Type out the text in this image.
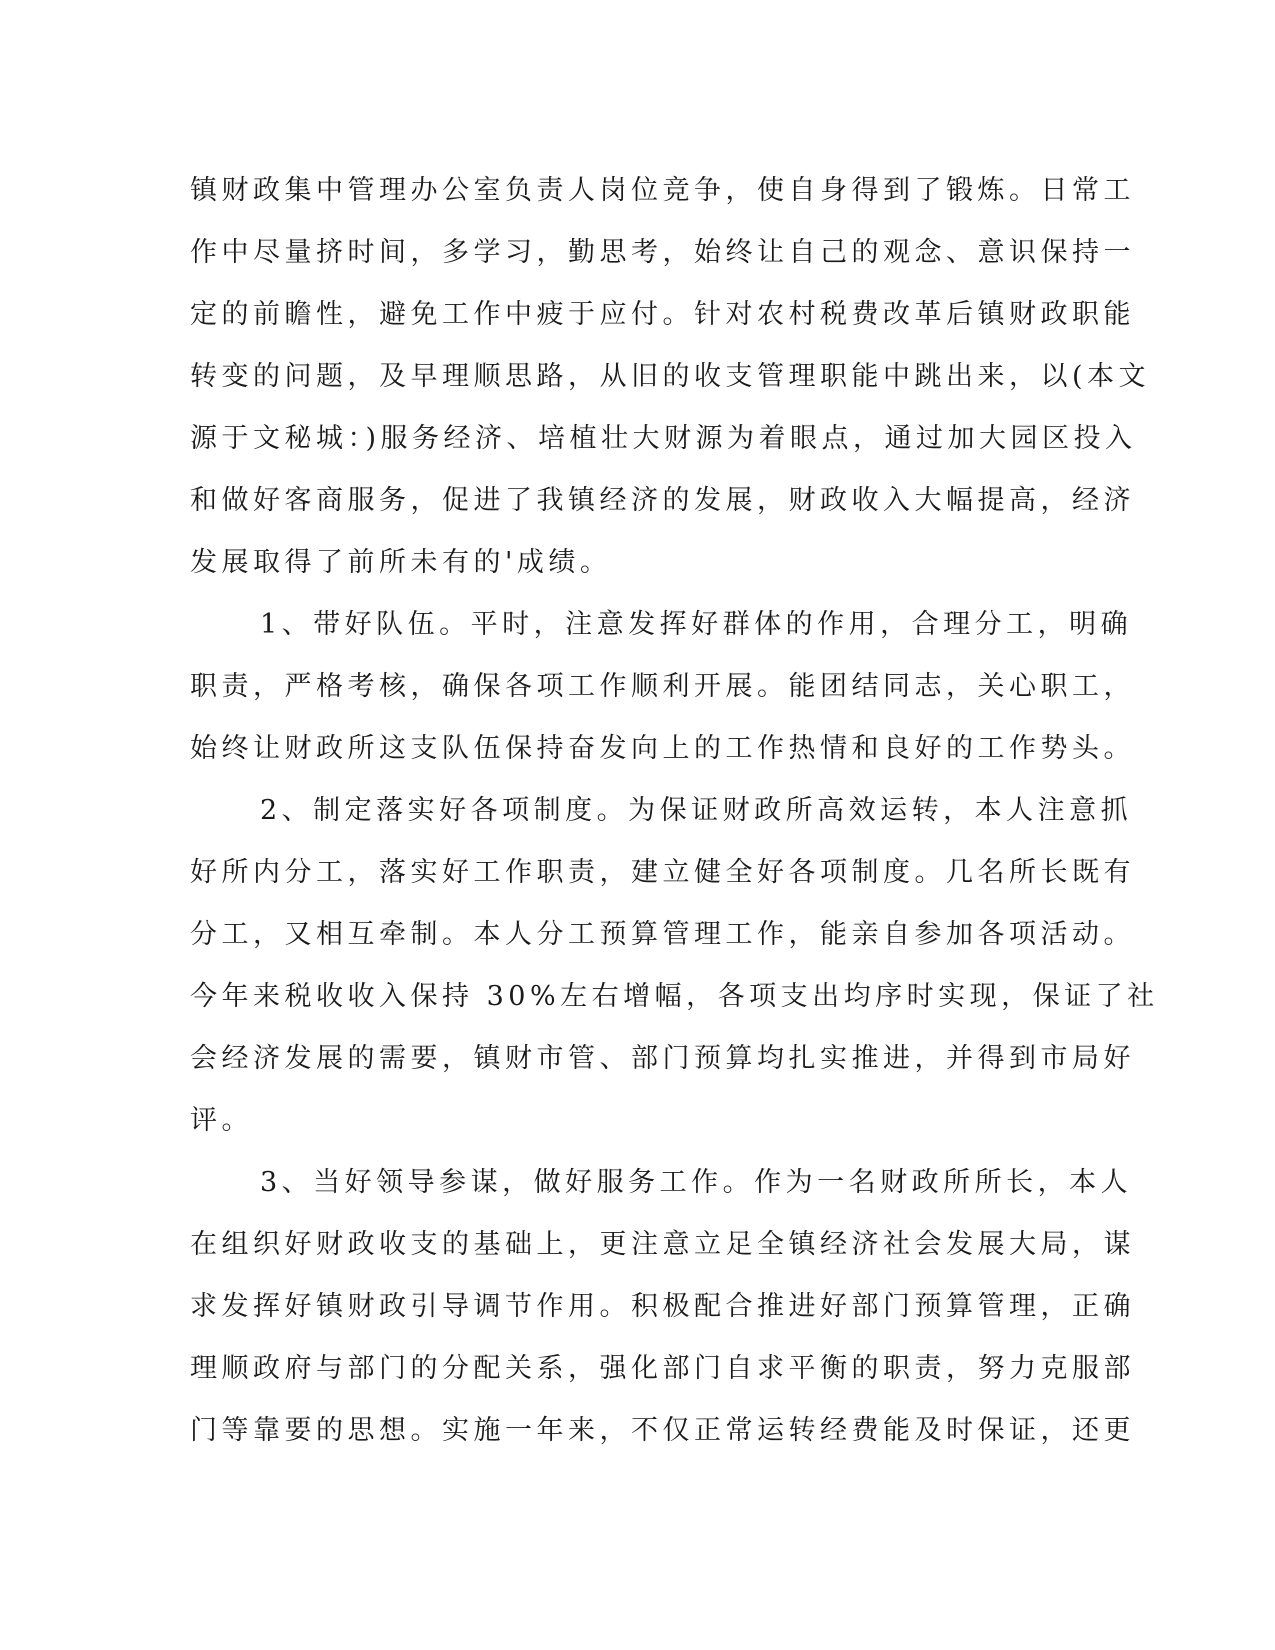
镇财政集中管理办公室负责人岗位竞争，使自身得到了锻炼。日常工
作中尽量挤时间，多学习，勤思考，始终让自己的观念、意识保持一
定的前瞻性，避免工作中疲于应付。针对农村税费改革后镇财政职能
转变的问题，及早理顺思路，从旧的收支管理职能中跳出来，以(本文
源于文秘城：)服务经济、培植壮大财源为着眼点，通过加大园区投入
和做好客商服务，促进了我镇经济的发展，财政收入大幅提高，经济
发展取得了前所未有的'成绩。
1、带好队伍。平时，注意发挥好群体的作用，合理分工，明确
职责，严格考核，确保各项工作顺利开展。能团结同志，关心职工，
始终让财政所这支队伍保持奋发向上的工作热情和良好的工作势头。
2、制定落实好各项制度。为保证财政所高效运转，本人注意抓
好所内分工，落实好工作职责，建立健全好各项制度。几名所长既有
分工，又相互牵制。本人分工预算管理工作，能亲自参加各项活动。
今年来税收收入保持 30%左右增幅，各项支出均序时实现，保证了社
会经济发展的需要，镇财市管、部门预算均扎实推进，并得到市局好
评。
3、当好领导参谋，做好服务工作。作为一名财政所所长，本人
在组织好财政收支的基础上，更注意立足全镇经济社会发展大局，谋
求发挥好镇财政引导调节作用。积极配合推进好部门预算管理，正确
理顺政府与部门的分配关系，强化部门自求平衡的职责，努力克服部
门等靠要的思想。实施一年来，不仅正常运转经费能及时保证，还更
